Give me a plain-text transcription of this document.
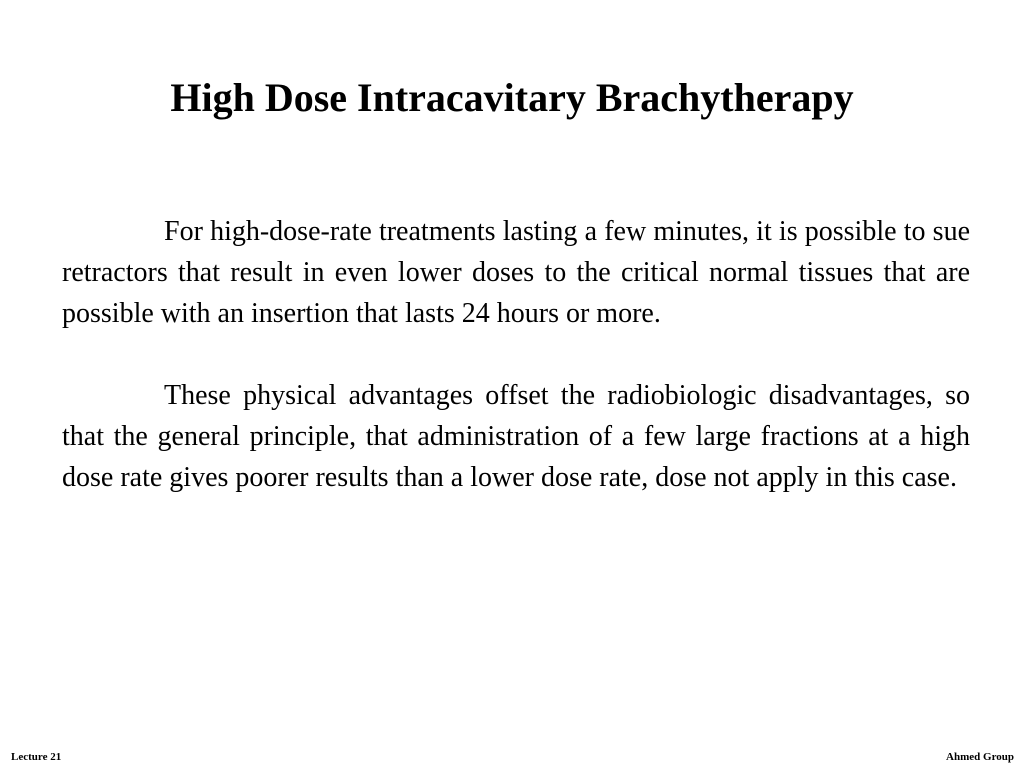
High Dose Intracavitary Brachytherapy

For high-dose-rate treatments lasting a few minutes, it is possible to sue retractors that result in even lower doses to the critical normal tissues that are possible with an insertion that lasts 24 hours or more.

These physical advantages offset the radiobiologic disadvantages, so that the general principle, that administration of a few large fractions at a high dose rate gives poorer results than a lower dose rate, dose not apply in this case.

Lecture 21	Ahmed Group
